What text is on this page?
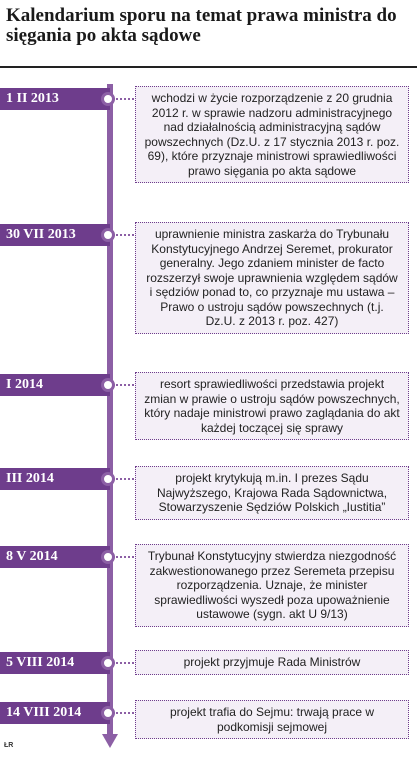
Kalendarium sporu na temat prawa ministra do sięgania po akta sądowe
1 II 2013	wchodzi w życie rozporządzenie z 20 grudnia 2012 r. w sprawie nadzoru administracyjnego nad działalnością administracyjną sądów powszechnych (Dz.U. z 17 stycznia 2013 r. poz. 69), które przyznaje ministrowi sprawiedliwości prawo sięgania po akta sądowe
30 VII 2013	uprawnienie ministra zaskarża do Trybunału Konstytucyjnego Andrzej Seremet, prokurator generalny. Jego zdaniem minister de facto rozszerzył swoje uprawnienia względem sądów i sędziów ponad to, co przyznaje mu ustawa – Prawo o ustroju sądów powszechnych (t.j. Dz.U. z 2013 r. poz. 427)
I 2014	resort sprawiedliwości przedstawia projekt zmian w prawie o ustroju sądów powszechnych, który nadaje ministrowi prawo zaglądania do akt każdej toczącej się sprawy
III 2014	projekt krytykują m.in. I prezes Sądu Najwyższego, Krajowa Rada Sądownictwa, Stowarzyszenie Sędziów Polskich „Iustitia”
8 V 2014	Trybunał Konstytucyjny stwierdza niezgodność zakwestionowanego przez Seremeta przepisu rozporządzenia. Uznaje, że minister sprawiedliwości wyszedł poza upoważnienie ustawowe (sygn. akt U 9/13)
5 VIII 2014	projekt przyjmuje Rada Ministrów
14 VIII 2014	projekt trafia do Sejmu: trwają prace w podkomisji sejmowej
ŁR
